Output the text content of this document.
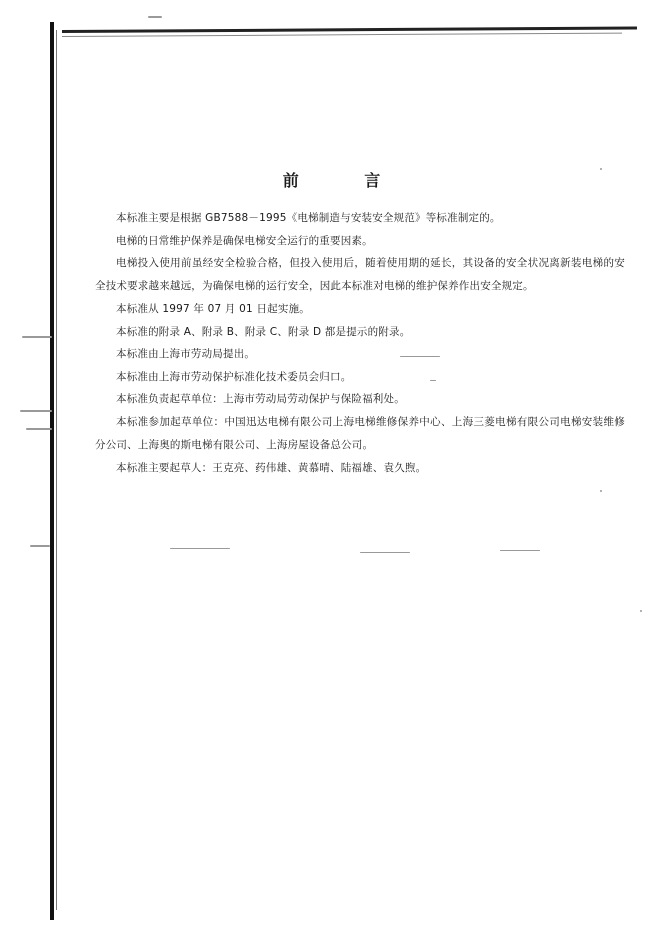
前 言

本标准主要是根据 GB7588－1995《电梯制造与安装安全规范》等标准制定的。

电梯的日常维护保养是确保电梯安全运行的重要因素。

电梯投入使用前虽经安全检验合格，但投入使用后，随着使用期的延长，其设备的安全状况离新装电梯的安全技术要求越来越远，为确保电梯的运行安全，因此本标准对电梯的维护保养作出安全规定。

本标准从 1997 年 07 月 01 日起实施。

本标准的附录 A、附录 B、附录 C、附录 D 都是提示的附录。

本标准由上海市劳动局提出。

本标准由上海市劳动保护标准化技术委员会归口。

本标准负责起草单位：上海市劳动局劳动保护与保险福利处。

本标准参加起草单位：中国迅达电梯有限公司上海电梯维修保养中心、上海三菱电梯有限公司电梯安装维修分公司、上海奥的斯电梯有限公司、上海房屋设备总公司。

本标准主要起草人：王克亮、药伟雄、黄慕晴、陆福雄、袁久煦。
